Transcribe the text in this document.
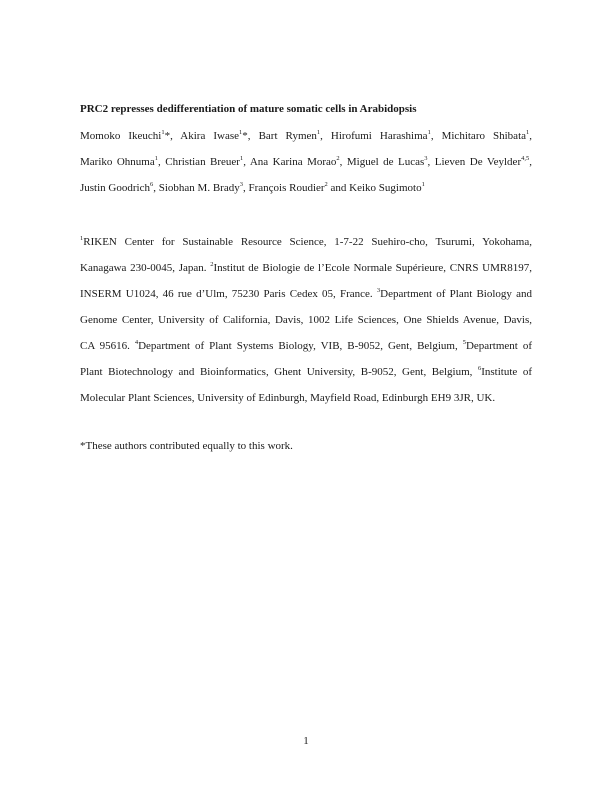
PRC2 represses dedifferentiation of mature somatic cells in Arabidopsis
Momoko Ikeuchi$^1$*, Akira Iwase$^1$*, Bart Rymen$^1$, Hirofumi Harashima$^1$, Michitaro Shibata$^1$,
Mariko Ohnuma$^1$, Christian Breuer$^1$, Ana Karina Morao$^2$, Miguel de Lucas$^3$, Lieven De Veylder$^{4,5}$,
Justin Goodrich$^6$, Siobhan M. Brady$^3$, François Roudier$^2$ and Keiko Sugimoto$^1$
$^1$RIKEN Center for Sustainable Resource Science, 1-7-22 Suehiro-cho, Tsurumi, Yokohama,
Kanagawa 230-0045, Japan. $^2$Institut de Biologie de l’Ecole Normale Supérieure, CNRS UMR8197,
INSERM U1024, 46 rue d’Ulm, 75230 Paris Cedex 05, France. $^3$Department of Plant Biology and
Genome Center, University of California, Davis, 1002 Life Sciences, One Shields Avenue, Davis,
CA 95616. $^4$Department of Plant Systems Biology, VIB, B-9052, Gent, Belgium, $^5$Department of
Plant Biotechnology and Bioinformatics, Ghent University, B-9052, Gent, Belgium, $^6$Institute of
Molecular Plant Sciences, University of Edinburgh, Mayfield Road, Edinburgh EH9 3JR, UK.
*These authors contributed equally to this work.
1
